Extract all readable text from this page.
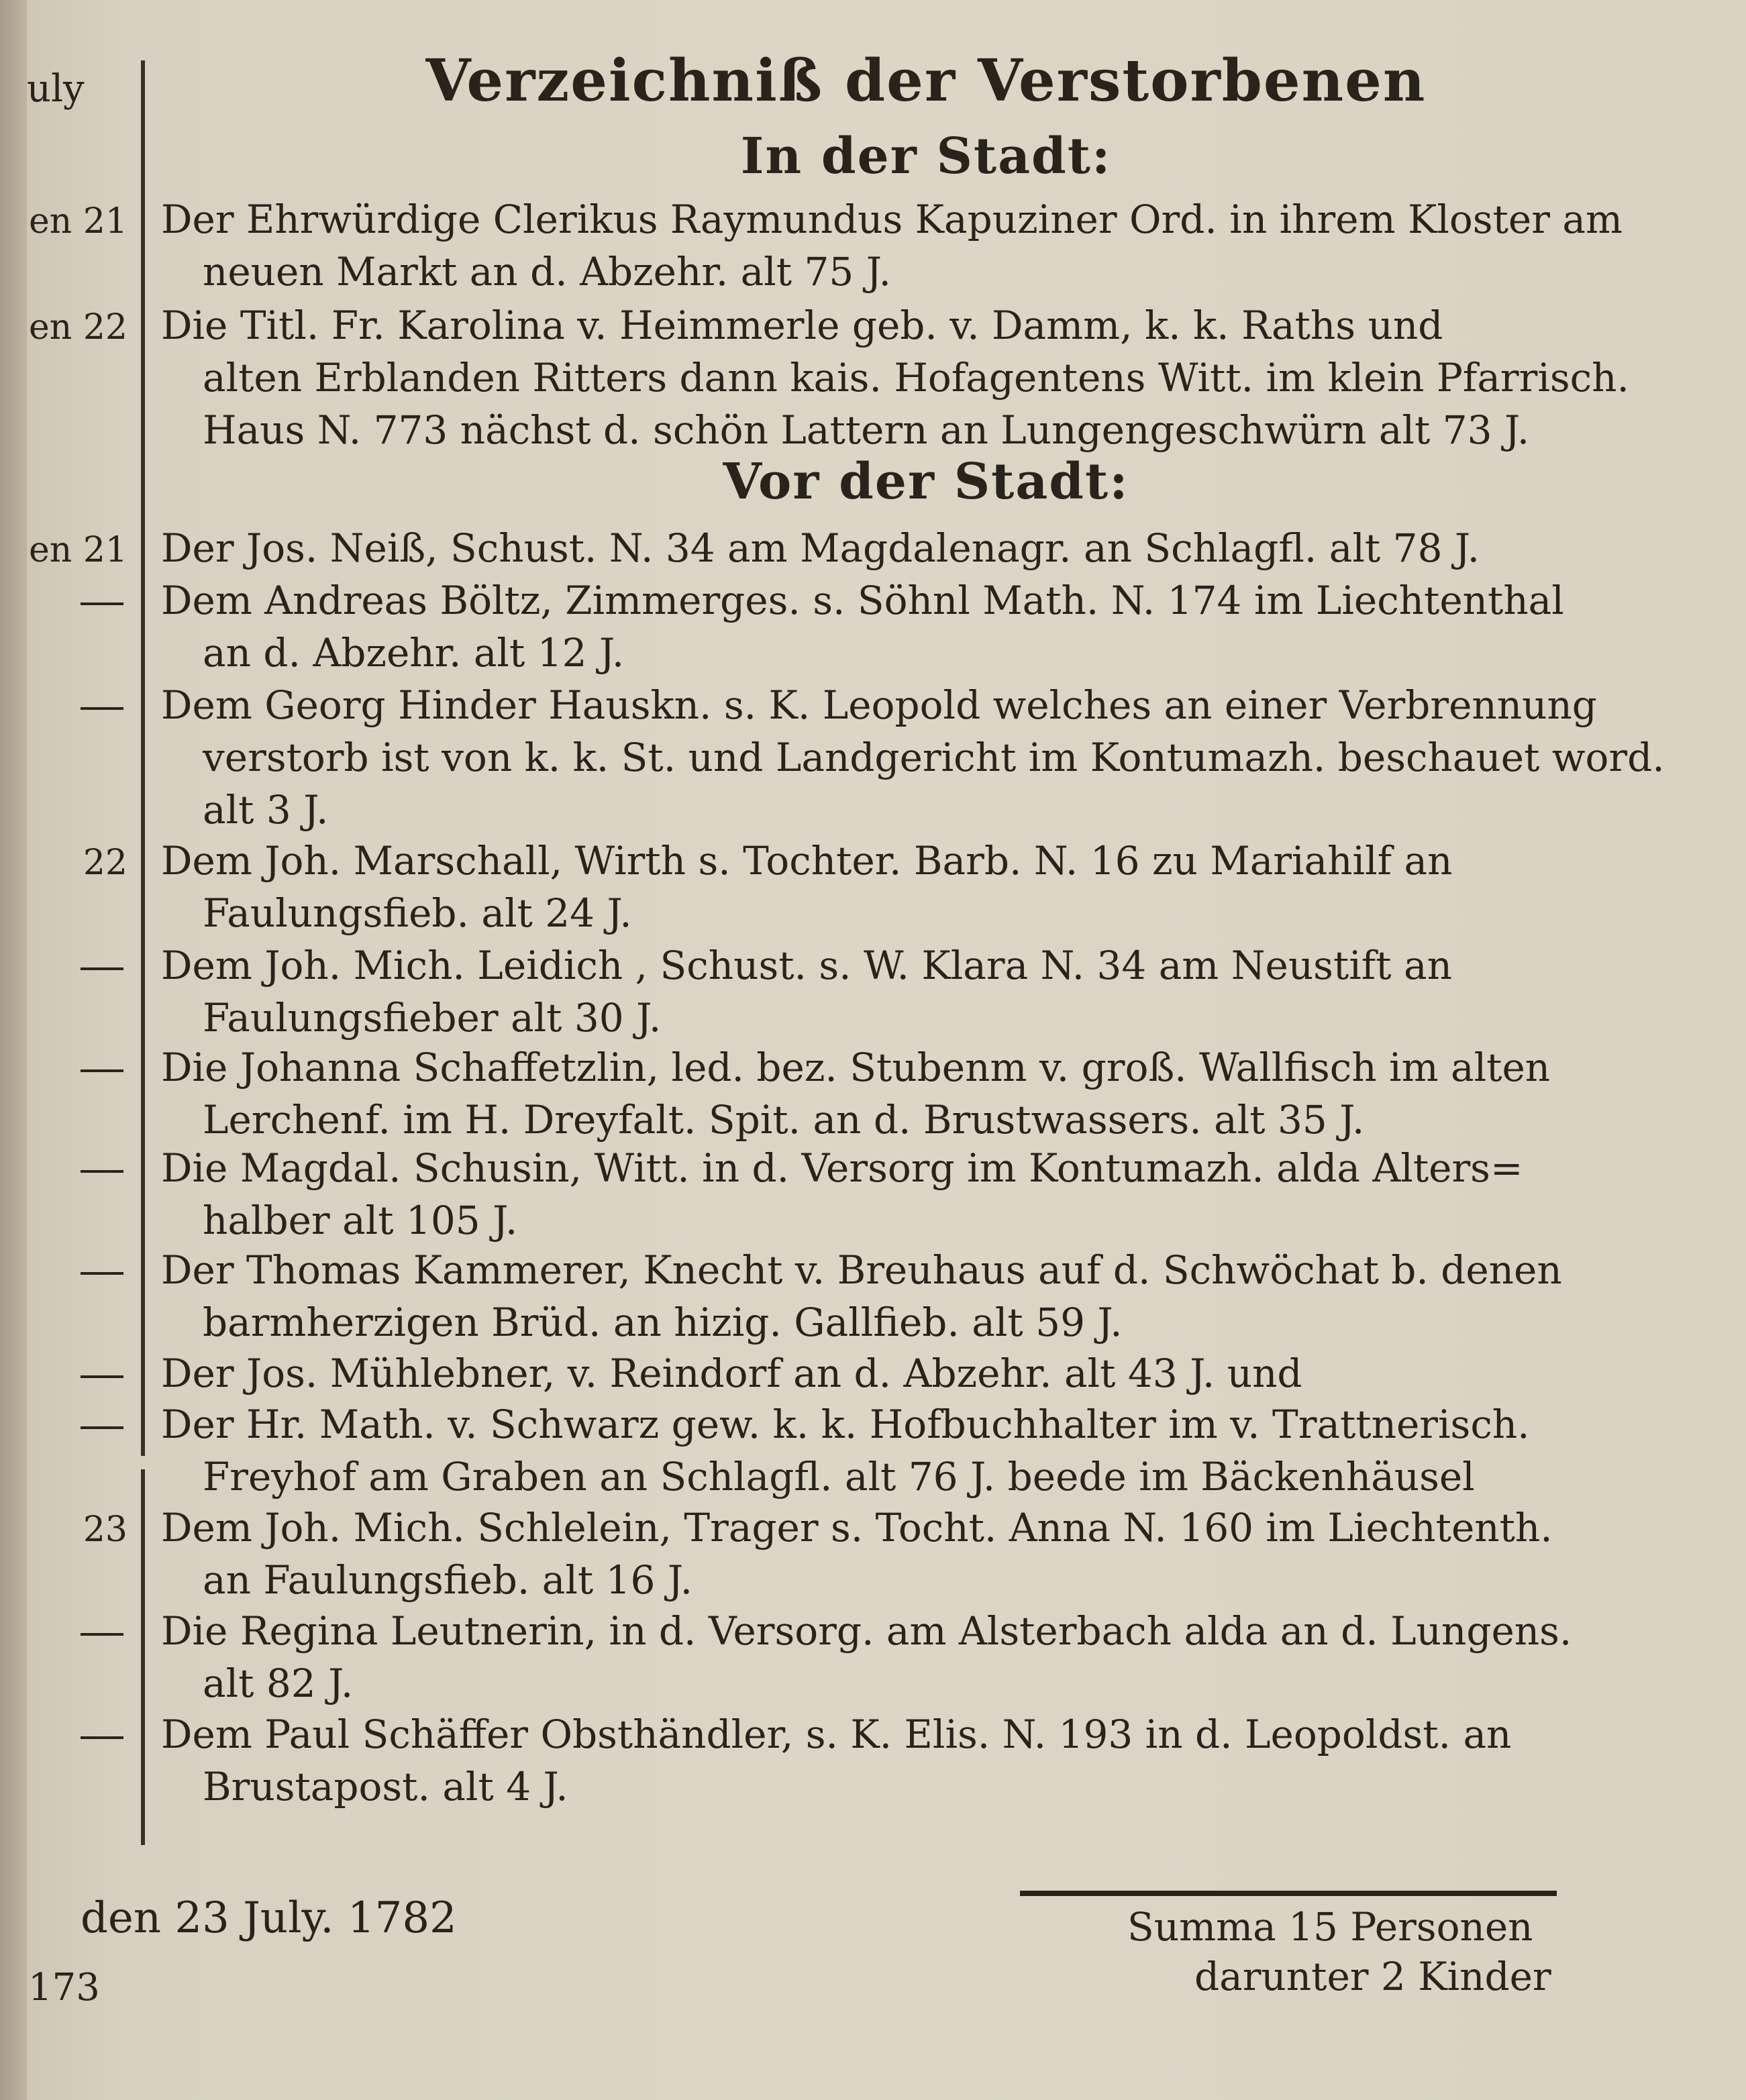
uly	Verzeichniß der Verstorbenen
In der Stadt:
en 21 Der Ehrwürdige Clerikus Raymundus Kapuziner Ord. in ihrem Kloster am

neuen Markt an d. Abzehr. alt 75 J.

en 22 Die Titl. Fr. Karolina v. Heimmerle geb. v. Damm, k. k. Raths und

alten Erblanden Ritters dann kais. Hofagentens Witt. im klein Pfarrisch.

Haus N. 773 nächst d. schön Lattern an Lungengeschwürn alt 73 J.

Vor der Stadt:
en 21 Der Jos. Neiß, Schust. N. 34 am Magdalenagr. an Schlagfl. alt 78 J.

Dem Andreas Böltz, Zimmerges. s. Söhnl Math. N. 174 im Liechtenthal

an d. Abzehr. alt 12 J.

Dem Georg Hinder Hauskn. s. K. Leopold welches an einer Verbrennung

verstorb ist von k. k. St. und Landgericht im Kontumazh. beschauet word.

alt 3 J.

22 Dem Joh. Marschall, Wirth s. Tochter. Barb. N. 16 zu Mariahilf an

Faulungsfieb. alt 24 J.

Dem Joh. Mich. Leidich , Schust. s. W. Klara N. 34 am Neustift an

Faulungsfieber alt 30 J.

Die Johanna Schaffetzlin, led. bez. Stubenm v. groß. Wallfisch im alten

Lerchenf. im H. Dreyfalt. Spit. an d. Brustwassers. alt 35 J.

Die Magdal. Schusin, Witt. in d. Versorg im Kontumazh. alda Alters=

halber alt 105 J.

Der Thomas Kammerer, Knecht v. Breuhaus auf d. Schwöchat b. denen

barmherzigen Brüd. an hizig. Gallfieb. alt 59 J.

Der Jos. Mühlebner, v. Reindorf an d. Abzehr. alt 43 J. und

Der Hr. Math. v. Schwarz gew. k. k. Hofbuchhalter im v. Trattnerisch.

Freyhof am Graben an Schlagfl. alt 76 J. beede im Bäckenhäusel

23 Dem Joh. Mich. Schlelein, Trager s. Tocht. Anna N. 160 im Liechtenth.

an Faulungsfieb. alt 16 J.

Die Regina Leutnerin, in d. Versorg. am Alsterbach alda an d. Lungens.

alt 82 J.

Dem Paul Schäffer Obsthändler, s. K. Elis. N. 193 in d. Leopoldst. an

Brustapost. alt 4 J.

den 23 July. 1782	Summa 15 Personen
darunter 2 Kinder
173
